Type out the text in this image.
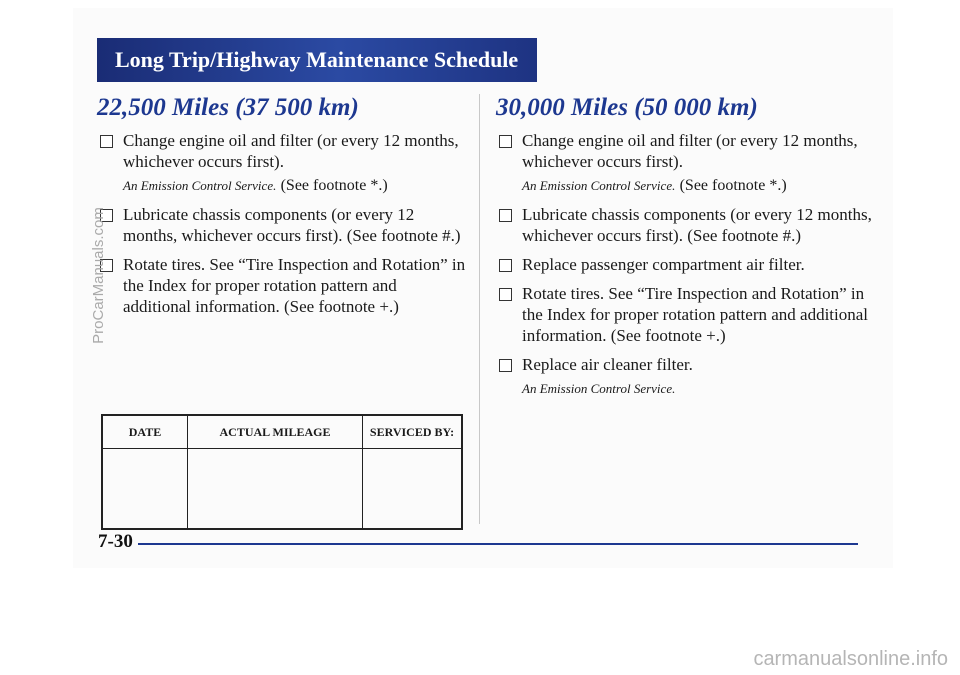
Long Trip/Highway Maintenance Schedule
22,500 Miles (37 500 km)
Change engine oil and filter (or every 12 months, whichever occurs first).
An Emission Control Service. (See footnote *.)
Lubricate chassis components (or every 12 months, whichever occurs first). (See footnote #.)
Rotate tires. See “Tire Inspection and Rotation” in the Index for proper rotation pattern and additional information. (See footnote +.)
DATE	ACTUAL MILEAGE	SERVICED BY:

30,000 Miles (50 000 km)
Change engine oil and filter (or every 12 months, whichever occurs first).
An Emission Control Service. (See footnote *.)
Lubricate chassis components (or every 12 months, whichever occurs first). (See footnote #.)
Replace passenger compartment air filter.
Rotate tires. See “Tire Inspection and Rotation” in the Index for proper rotation pattern and additional information. (See footnote +.)
Replace air cleaner filter.
An Emission Control Service.
7-30
ProCarManuals.com
carmanualsonline.info
